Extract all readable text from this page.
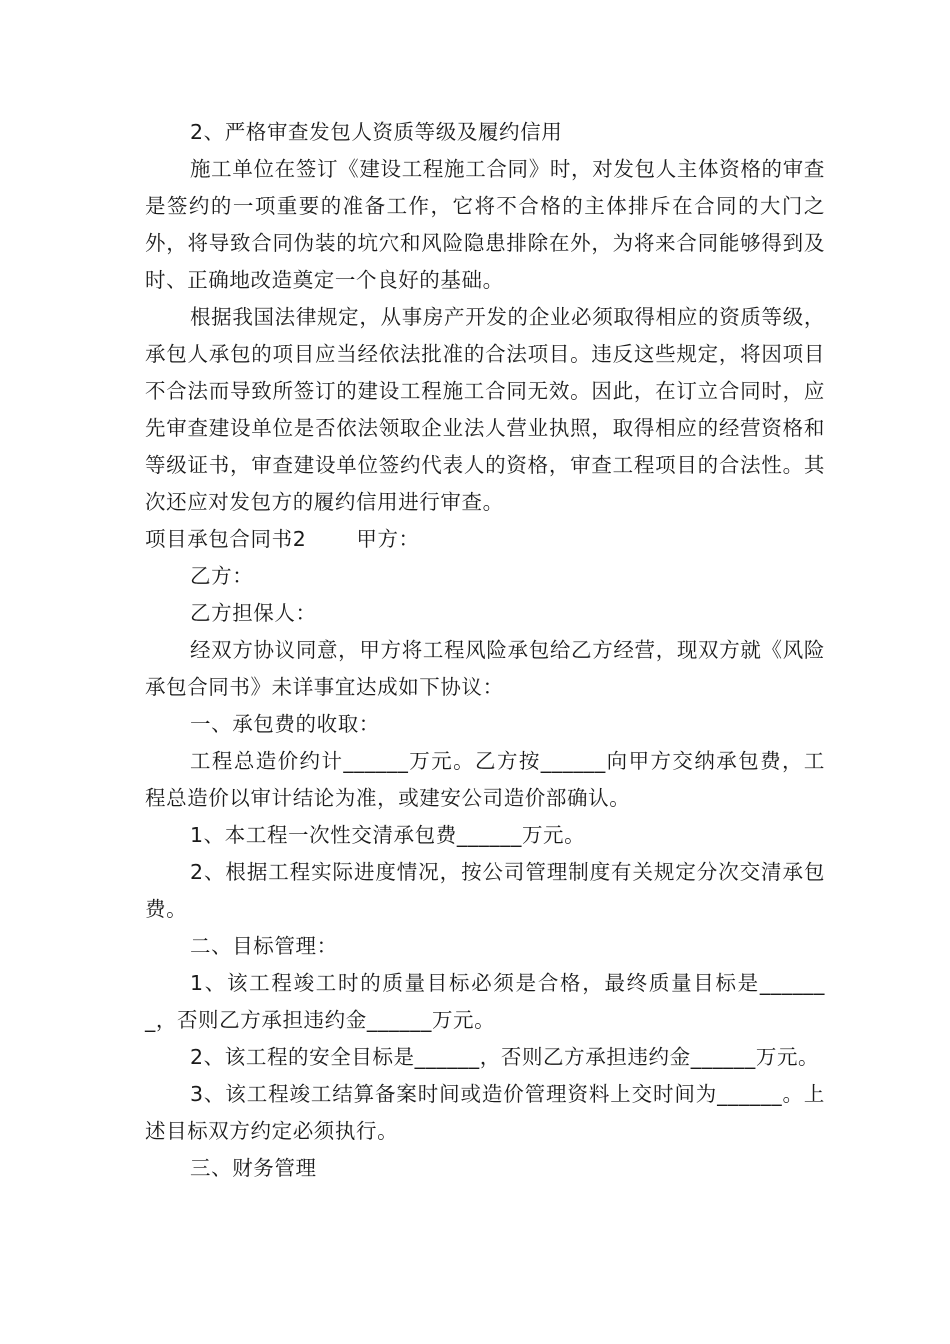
2、严格审查发包人资质等级及履约信用

施工单位在签订《建设工程施工合同》时，对发包人主体资格的审查是签约的一项重要的准备工作，它将不合格的主体排斥在合同的大门之外，将导致合同伪装的坑穴和风险隐患排除在外，为将来合同能够得到及时、正确地改造奠定一个良好的基础。

根据我国法律规定，从事房产开发的企业必须取得相应的资质等级，承包人承包的项目应当经依法批准的合法项目。违反这些规定，将因项目不合法而导致所签订的建设工程施工合同无效。因此，在订立合同时，应先审查建设单位是否依法领取企业法人营业执照，取得相应的经营资格和等级证书，审查建设单位签约代表人的资格，审查工程项目的合法性。其次还应对发包方的履约信用进行审查。

项目承包合同书2 甲方：

乙方：

乙方担保人：

经双方协议同意，甲方将工程风险承包给乙方经营，现双方就《风险承包合同书》未详事宜达成如下协议：

一、承包费的收取：

工程总造价约计______万元。乙方按______向甲方交纳承包费，工程总造价以审计结论为准，或建安公司造价部确认。

1、本工程一次性交清承包费______万元。

2、根据工程实际进度情况，按公司管理制度有关规定分次交清承包费。

二、目标管理：

1、该工程竣工时的质量目标必须是合格，最终质量目标是_______，否则乙方承担违约金______万元。

2、该工程的安全目标是______，否则乙方承担违约金______万元。

3、该工程竣工结算备案时间或造价管理资料上交时间为______。上述目标双方约定必须执行。

三、财务管理
